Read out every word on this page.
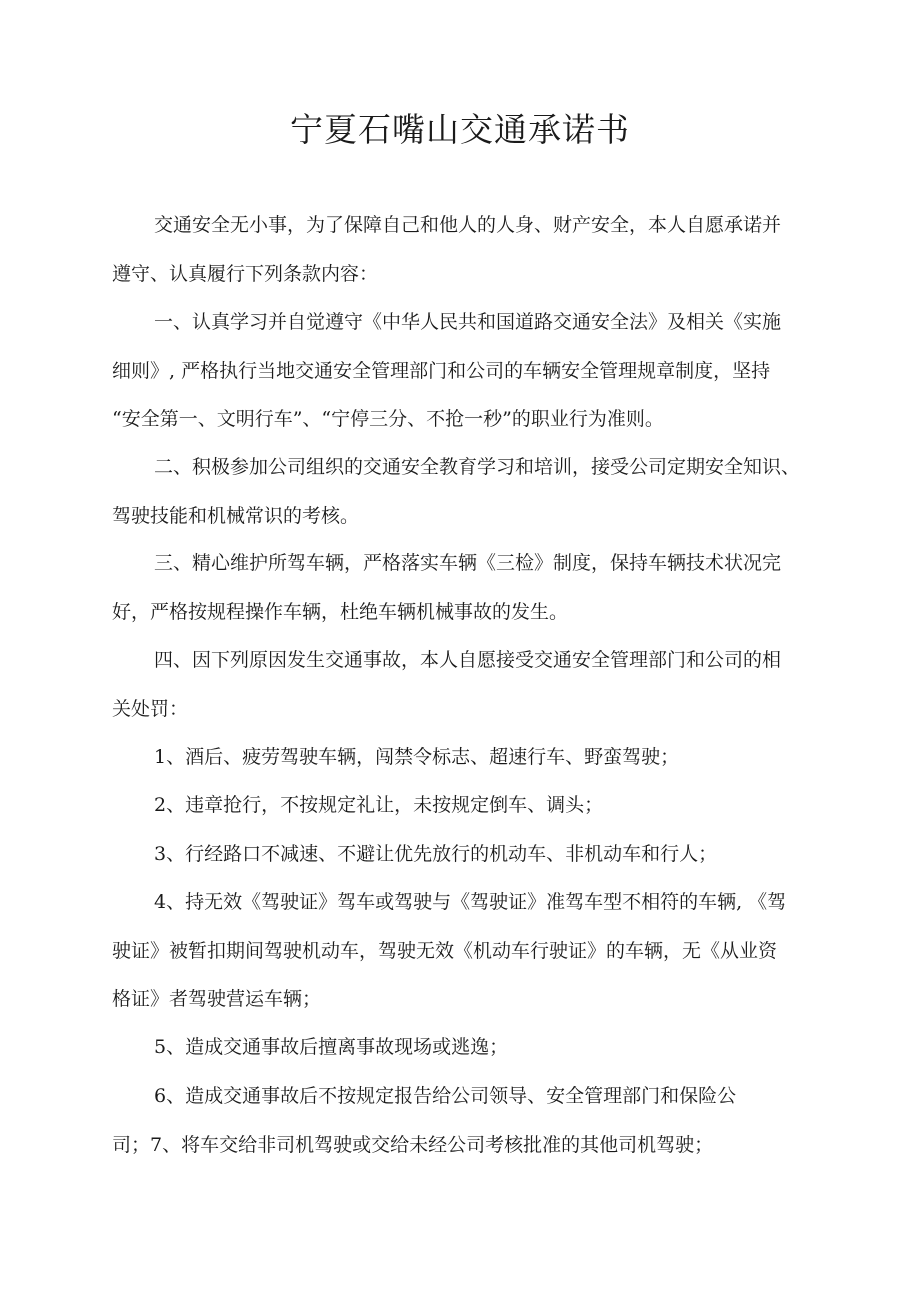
宁夏石嘴山交通承诺书

交通安全无小事，为了保障自己和他人的人身、财产安全，本人自愿承诺并
遵守、认真履行下列条款内容：

一、认真学习并自觉遵守《中华人民共和国道路交通安全法》及相关《实施
细则》, 严格执行当地交通安全管理部门和公司的车辆安全管理规章制度，坚持
“安全第一、文明行车”、“宁停三分、不抢一秒”的职业行为准则。

二、积极参加公司组织的交通安全教育学习和培训，接受公司定期安全知识、
驾驶技能和机械常识的考核。

三、精心维护所驾车辆，严格落实车辆《三检》制度，保持车辆技术状况完
好，严格按规程操作车辆，杜绝车辆机械事故的发生。

四、因下列原因发生交通事故，本人自愿接受交通安全管理部门和公司的相
关处罚：

1、酒后、疲劳驾驶车辆，闯禁令标志、超速行车、野蛮驾驶；

2、违章抢行，不按规定礼让，未按规定倒车、调头；

3、行经路口不减速、不避让优先放行的机动车、非机动车和行人；

4、持无效《驾驶证》驾车或驾驶与《驾驶证》准驾车型不相符的车辆, 《驾
驶证》被暂扣期间驾驶机动车，驾驶无效《机动车行驶证》的车辆，无《从业资
格证》者驾驶营运车辆；

5、造成交通事故后擅离事故现场或逃逸；

6、造成交通事故后不按规定报告给公司领导、安全管理部门和保险公
司；7、将车交给非司机驾驶或交给未经公司考核批准的其他司机驾驶；
